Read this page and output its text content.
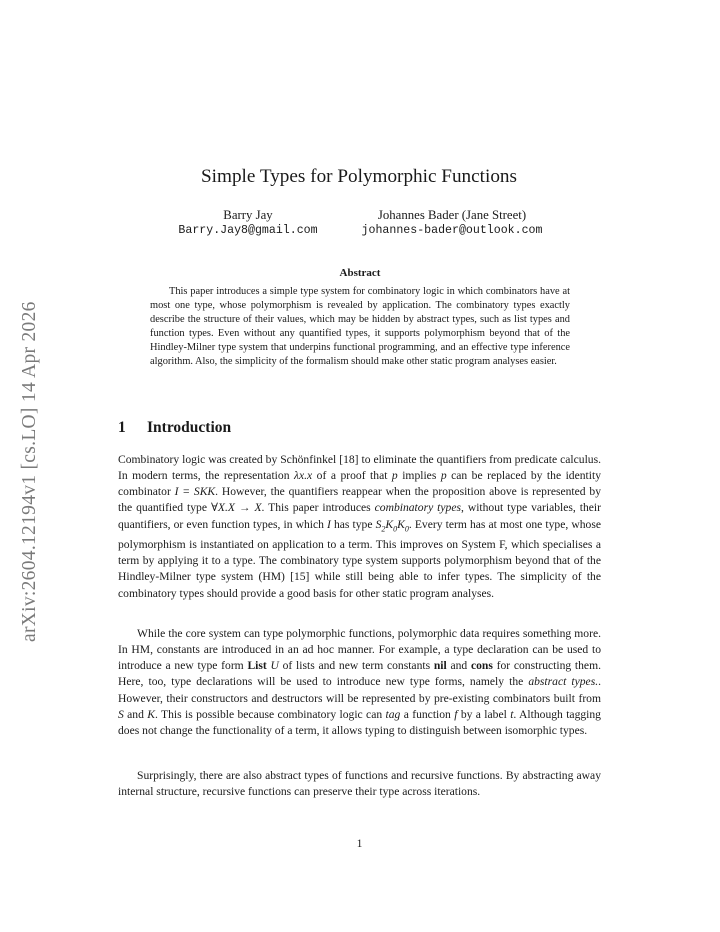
arXiv:2604.12194v1 [cs.LO] 14 Apr 2026
Simple Types for Polymorphic Functions
Barry Jay
Barry.Jay8@gmail.com
Johannes Bader (Jane Street)
johannes-bader@outlook.com
Abstract

This paper introduces a simple type system for combinatory logic in which combinators have at most one type, whose polymorphism is revealed by application. The combinatory types exactly describe the structure of their values, which may be hidden by abstract types, such as list types and function types. Even without any quantified types, it supports polymorphism beyond that of the Hindley-Milner type system that underpins functional programming, and an effective type inference algorithm. Also, the simplicity of the formalism should make other static program analyses easier.

1 Introduction

Combinatory logic was created by Schönfinkel [18] to eliminate the quantifiers from predicate calculus. In modern terms, the representation λx.x of a proof that p implies p can be replaced by the identity combinator I = SKK. However, the quantifiers reappear when the proposition above is represented by the quantified type ∀X.X → X. This paper introduces combinatory types, without type variables, their quantifiers, or even function types, in which I has type $S_2K_0K_0$. Every term has at most one type, whose polymorphism is instantiated on application to a term. This improves on System F, which specialises a term by applying it to a type. The combinatory type system supports polymorphism beyond that of the Hindley-Milner type system (HM) [15] while still being able to infer types. The simplicity of the combinatory types should provide a good basis for other static program analyses.

While the core system can type polymorphic functions, polymorphic data requires something more. In HM, constants are introduced in an ad hoc manner. For example, a type declaration can be used to introduce a new type form List U of lists and new term constants nil and cons for constructing them. Here, too, type declarations will be used to introduce new type forms, namely the abstract types.. However, their constructors and destructors will be represented by pre-existing combinators built from S and K. This is possible because combinatory logic can tag a function f by a label t. Although tagging does not change the functionality of a term, it allows typing to distinguish between isomorphic types.

Surprisingly, there are also abstract types of functions and recursive functions. By abstracting away internal structure, recursive functions can preserve their type across iterations.

1
